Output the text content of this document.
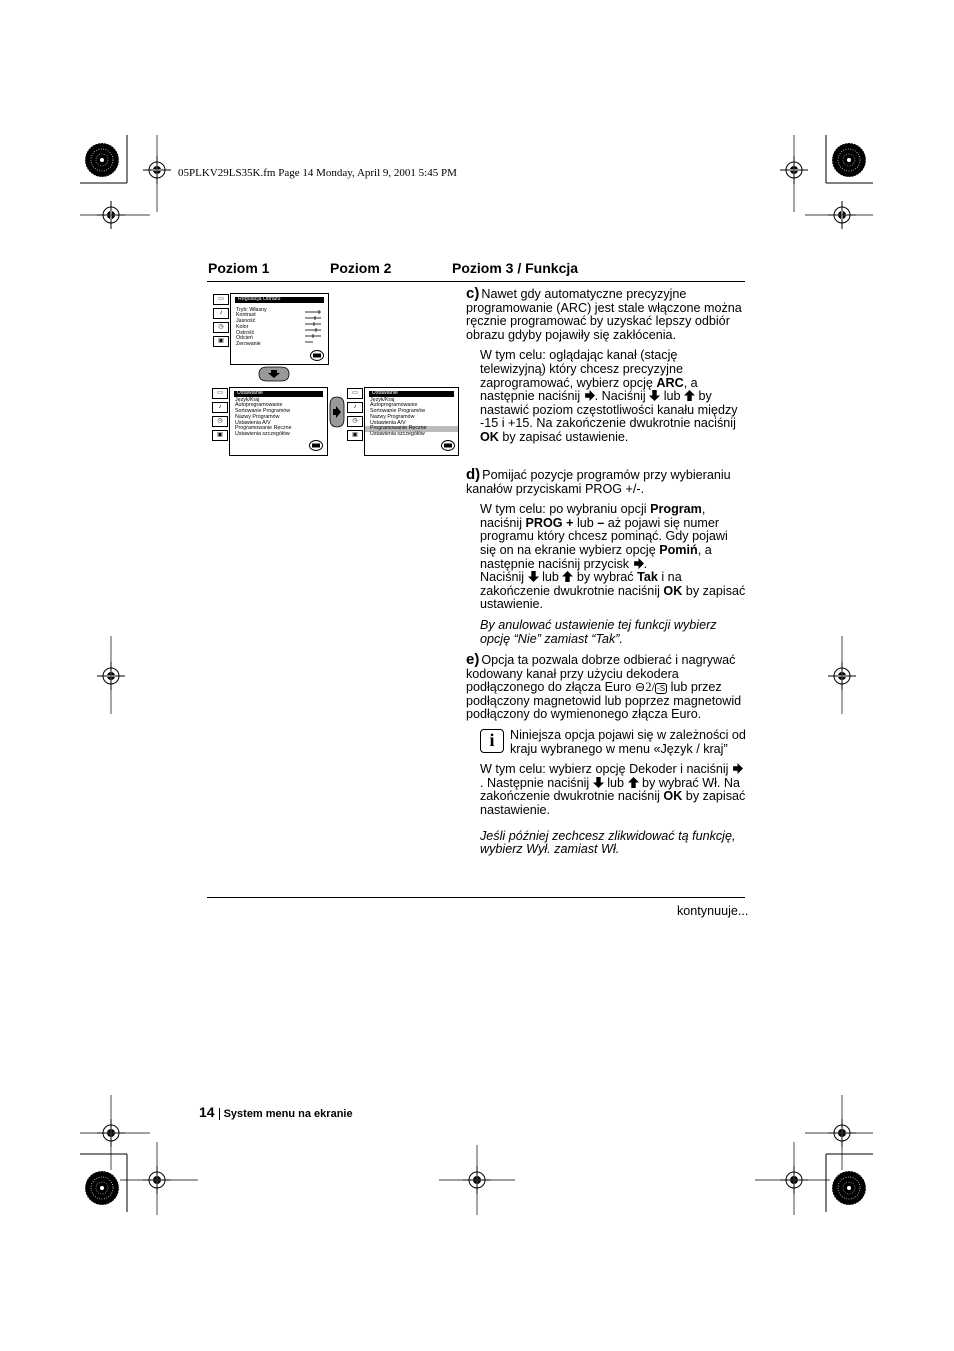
05PLKV29LS35K.fm Page 14 Monday, April 9, 2001 5:45 PM
Poziom 1	Poziom 2	Poziom 3 / Funkcja
▭
♪
◷
▣
Regulacja Obrazu
Tryb: Własny
Kontrast
Jasność
Kolor
Ostrość
Odcień
Zerowanie
▭
♪
◷
▣
Ustawianie
Język/Kraj
Autoprogramowanie
Sortowanie Programów
Nazwy Programów
Ustawienia A/V
Programowanie Ręczne
Ustawienia szczegółów
▭
♪
◷
▣
Ustawianie
Język/Kraj
Autoprogramowanie
Sortowanie Programów
Nazwy Programów
Ustawienia A/V
Programowanie Ręczne
Ustawienia szczegółów

c) Nawet gdy automatyczne precyzyjne programowanie (ARC) jest stale włączone można ręcznie programować by uzyskać lepszy odbiór obrazu gdyby pojawiły się zakłócenia.

W tym celu: oglądając kanał (stację telewizyjną) który chcesz precyzyjne zaprogramować, wybierz opcję ARC, a następnie naciśnij . Naciśnij  lub  by nastawić poziom częstotliwości kanału między -15 i +15. Na zakończenie dwukrotnie naciśnij OK by zapisać ustawienie.

d) Pomijać pozycje programów przy wybieraniu kanałów przyciskami PROG +/-.

W tym celu: po wybraniu opcji Program, naciśnij PROG + lub – aż pojawi się numer programu który chcesz pominąć. Gdy pojawi się on na ekranie wybierz opcję Pomiń, a następnie naciśnij przycisk .

Naciśnij  lub  by wybrać Tak i na zakończenie dwukrotnie naciśnij OK by zapisać ustawienie.

By anulować ustawienie tej funkcji wybierz opcję “Nie” zamiast “Tak”.

e) Opcja ta pozwala dobrze odbierać i nagrywać kodowany kanał przy użyciu dekodera podłączonego do złącza Euro ⊖2/ -S lub przez podłączony magnetowid lub poprzez magnetowid podłączony do wymienonego złącza Euro.

i Niniejsza opcja pojawi się w zależności od kraju wybranego w menu «Język / kraj”

W tym celu: wybierz opcję Dekoder i naciśnij . Następnie naciśnij  lub  by wybrać Wł. Na zakończenie dwukrotnie naciśnij OK by zapisać nastawienie.

Jeśli później zechcesz zlikwidować tą funkcję, wybierz Wył. zamiast Wł.

kontynuuje...
14 System menu na ekranie
